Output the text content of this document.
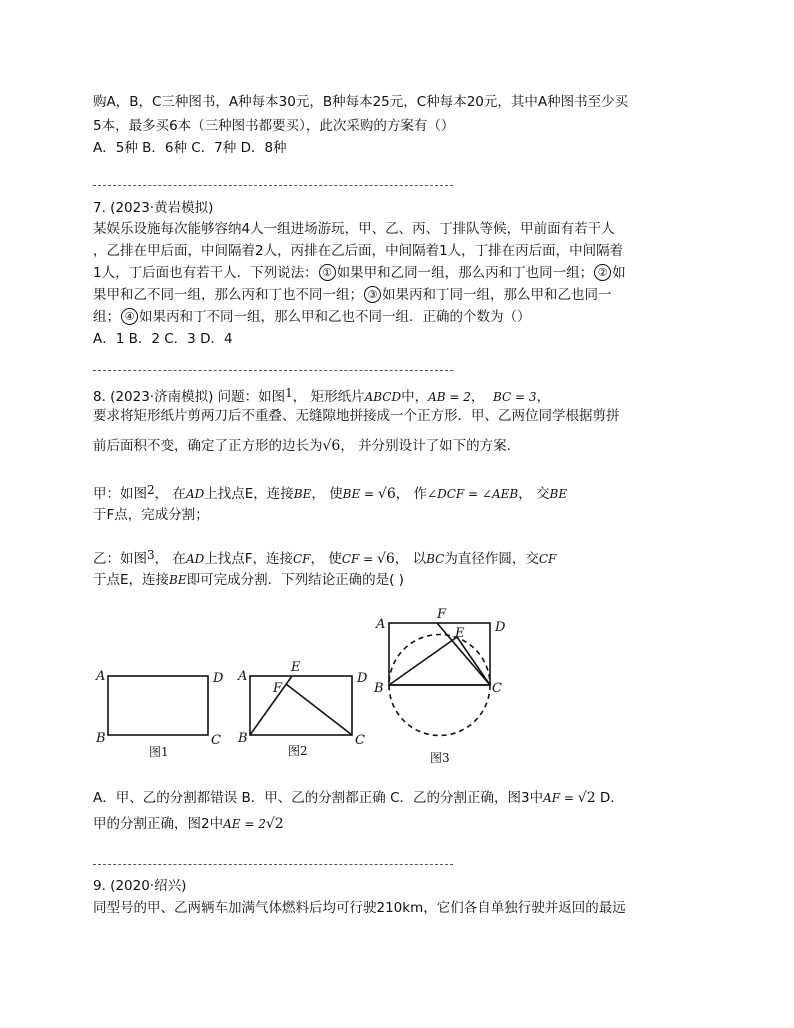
购A，B，C三种图书，A种每本30元，B种每本25元，C种每本20元，其中A种图书至少买
5本，最多买6本（三种图书都要买），此次采购的方案有（）
A．5种 B．6种 C．7种 D．8种
7. (2023·黄岩模拟)
某娱乐设施每次能够容纳4人一组进场游玩，甲、乙、丙、丁排队等候，甲前面有若干人
，乙排在甲后面，中间隔着2人，丙排在乙后面，中间隔着1人，丁排在丙后面，中间隔着
1人，丁后面也有若干人．下列说法： ① 如果甲和乙同一组，那么丙和丁也同一组； ② 如
果甲和乙不同一组，那么丙和丁也不同一组； ③ 如果丙和丁同一组，那么甲和乙也同一
组； ④ 如果丙和丁不同一组，那么甲和乙也不同一组．正确的个数为（）
A．1 B．2 C．3 D．4
8. (2023·济南模拟) 问题：如图1， 矩形纸片ABCD中，AB = 2， BC = 3，
要求将矩形纸片剪两刀后不重叠、无缝隙地拼接成一个正方形．甲、乙两位同学根据剪拼
前后面积不变，确定了正方形的边长为√6， 并分别设计了如下的方案.
甲：如图2， 在AD上找点E，连接BE， 使BE = √6， 作∠DCF = ∠AEB， 交BE
于F点，完成分割；
乙：如图3， 在AD上找点F，连接CF， 使CF = √6， 以BC为直径作圆，交CF
于点E，连接BE即可完成分割．下列结论正确的是( )
A	D
B	C
A
E
F
D
B	C
A
F
E D
B	C
图1	图2	图3
A．甲、乙的分割都错误 B．甲、乙的分割都正确 C．乙的分割正确，图3中AF = √2 D．
甲的分割正确，图2中AE = 2√2
9. (2020·绍兴)
同型号的甲、乙两辆车加满气体燃料后均可行驶210km，它们各自单独行驶并返回的最远
